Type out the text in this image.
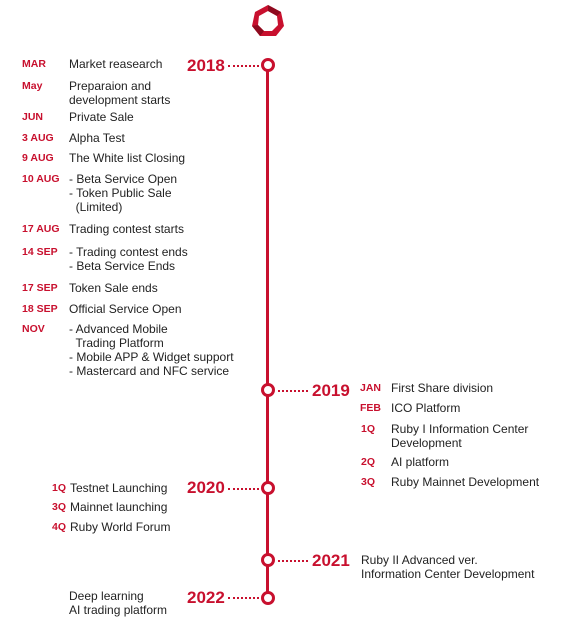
2018
MAR	Market reasearch
May	Preparaion and
development starts
JUN	Private Sale
3 AUG	Alpha Test
9 AUG	The White list Closing
10 AUG - Beta Service Open
- Token Public Sale
(Limited)
17 AUG Trading contest starts
14 SEP - Trading contest ends
- Beta Service Ends
17 SEP Token Sale ends
18 SEP Official Service Open
NOV	- Advanced Mobile
Trading Platform
- Mobile APP & Widget support
- Mastercard and NFC service
2019 JAN First Share division
FEB ICO Platform
1Q Ruby I Information Center
Development
2Q AI platform
3Q Ruby Mainnet Development
1Q Testnet Launching
3Q Mainnet launching
4Q Ruby World Forum
2020
2021 Ruby II Advanced ver.
Information Center Development
Deep learning
AI trading platform
2022
